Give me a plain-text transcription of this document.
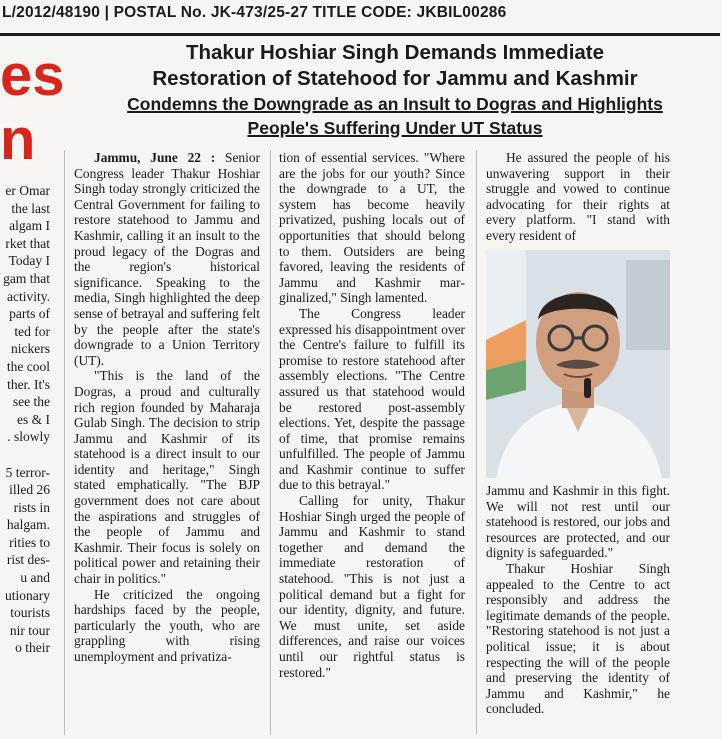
L/2012/48190 | POSTAL No. JK-473/25-27 TITLE CODE: JKBIL00286
es
n
er Omar
the last
algam I
rket that
Today I
gam that
activity.
parts of
ted for
nickers
the cool
ther. It's
see the
es & I
. slowly

5 terror-
illed 26
rists in
halgam.
rities to
rist des-
u and
utionary
tourists
nir tour
o their
Thakur Hoshiar Singh Demands Immediate
Restoration of Statehood for Jammu and Kashmir
Condemns the Downgrade as an Insult to Dogras and Highlights
People's Suffering Under UT Status

Jammu, June 22 : Senior Congress leader Thakur Hoshiar Singh today strongly criticized the Central Government for failing to restore statehood to Jammu and Kashmir, calling it an insult to the proud legacy of the Dogras and the region's historical significance. Speaking to the media, Singh highlighted the deep sense of betrayal and suffering felt by the people after the state's downgrade to a Union Territory (UT).

"This is the land of the Dogras, a proud and culturally rich region founded by Maharaja Gulab Singh. The decision to strip Jammu and Kashmir of its statehood is a direct insult to our identity and heritage," Singh stated emphatically. "The BJP government does not care about the aspirations and struggles of the people of Jammu and Kashmir. Their focus is solely on political power and retaining their chair in politics."

He criticized the ongoing hardships faced by the people, particularly the youth, who are grappling with rising unemployment and privatiza-

tion of essential services. "Where are the jobs for our youth? Since the downgrade to a UT, the system has become heavily privatized, pushing locals out of opportunities that should belong to them. Outsiders are being favored, leaving the residents of Jammu and Kashmir marginalized," Singh lamented.

The Congress leader expressed his disappointment over the Centre's failure to fulfill its promise to restore statehood after assembly elections. "The Centre assured us that statehood would be restored post-assembly elections. Yet, despite the passage of time, that promise remains unfulfilled. The people of Jammu and Kashmir continue to suffer due to this betrayal."

Calling for unity, Thakur Hoshiar Singh urged the people of Jammu and Kashmir to stand together and demand the immediate restoration of statehood. "This is not just a political demand but a fight for our identity, dignity, and future. We must unite, set aside differences, and raise our voices until our rightful status is restored."

He assured the people of his unwavering support in their struggle and vowed to continue advocating for their rights at every platform. "I stand with every resident of

Jammu and Kashmir in this fight. We will not rest until our statehood is restored, our jobs and resources are protected, and our dignity is safeguarded."

Thakur Hoshiar Singh appealed to the Centre to act responsibly and address the legitimate demands of the people. "Restoring statehood is not just a political issue; it is about respecting the will of the people and preserving the identity of Jammu and Kashmir," he concluded.
